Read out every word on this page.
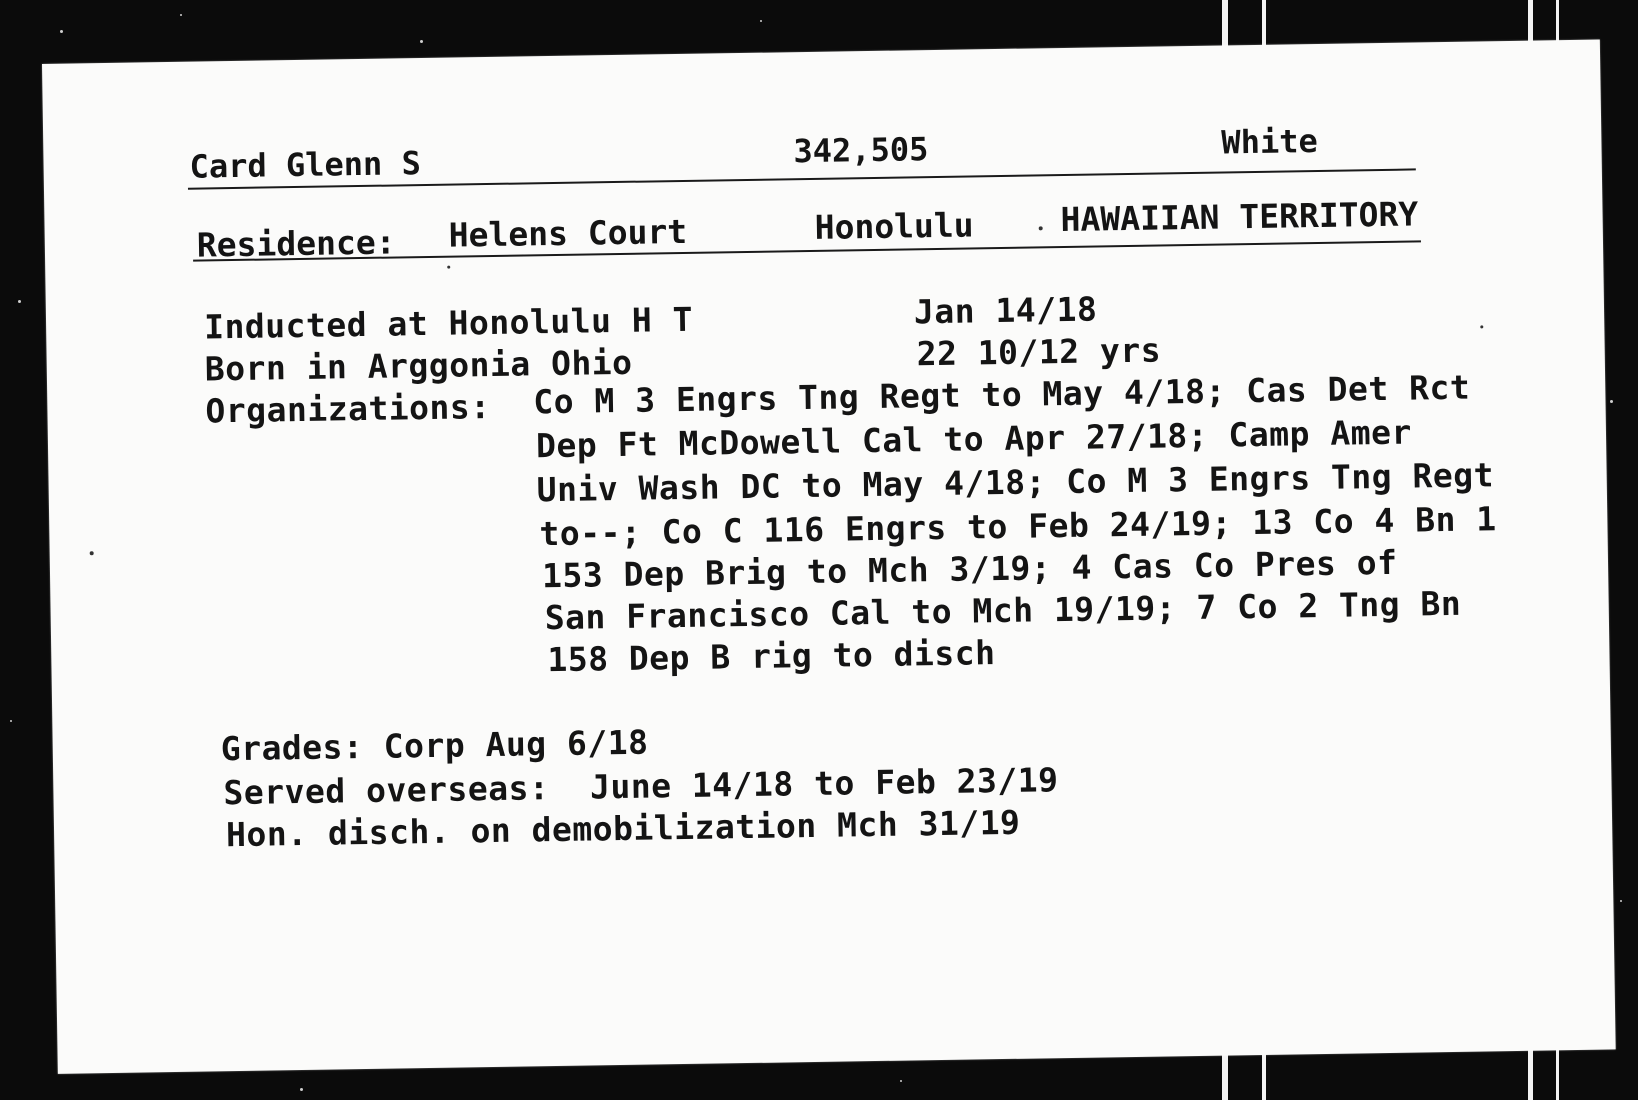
Card Glenn S	342,505	White
Residence: Helens Court	Honolulu	HAWAIIAN TERRITORY
Inducted at Honolulu H T	Jan 14/18
Born in Arggonia Ohio	22 10/12 yrs
Organizations: Co M 3 Engrs Tng Regt to May 4/18; Cas Det Rct
Dep Ft McDowell Cal to Apr 27/18; Camp Amer
Univ Wash DC to May 4/18; Co M 3 Engrs Tng Regt
to--; Co C 116 Engrs to Feb 24/19; 13 Co 4 Bn 1
153 Dep Brig to Mch 3/19; 4 Cas Co Pres of
San Francisco Cal to Mch 19/19; 7 Co 2 Tng Bn
158 Dep B rig to disch
Grades: Corp Aug 6/18
Served overseas:  June 14/18 to Feb 23/19
Hon. disch. on demobilization Mch 31/19
